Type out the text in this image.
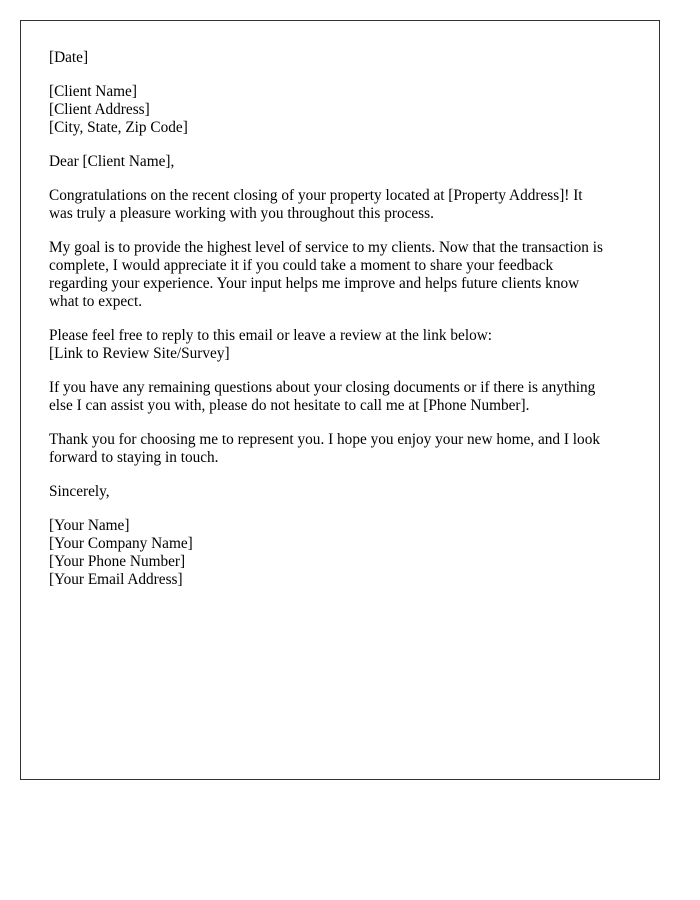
[Date]
[Client Name]
[Client Address]
[City, State, Zip Code]
Dear [Client Name],
Congratulations on the recent closing of your property located at [Property Address]! It
was truly a pleasure working with you throughout this process.
My goal is to provide the highest level of service to my clients. Now that the transaction is
complete, I would appreciate it if you could take a moment to share your feedback
regarding your experience. Your input helps me improve and helps future clients know
what to expect.
Please feel free to reply to this email or leave a review at the link below:
[Link to Review Site/Survey]
If you have any remaining questions about your closing documents or if there is anything
else I can assist you with, please do not hesitate to call me at [Phone Number].
Thank you for choosing me to represent you. I hope you enjoy your new home, and I look
forward to staying in touch.
Sincerely,
[Your Name]
[Your Company Name]
[Your Phone Number]
[Your Email Address]
